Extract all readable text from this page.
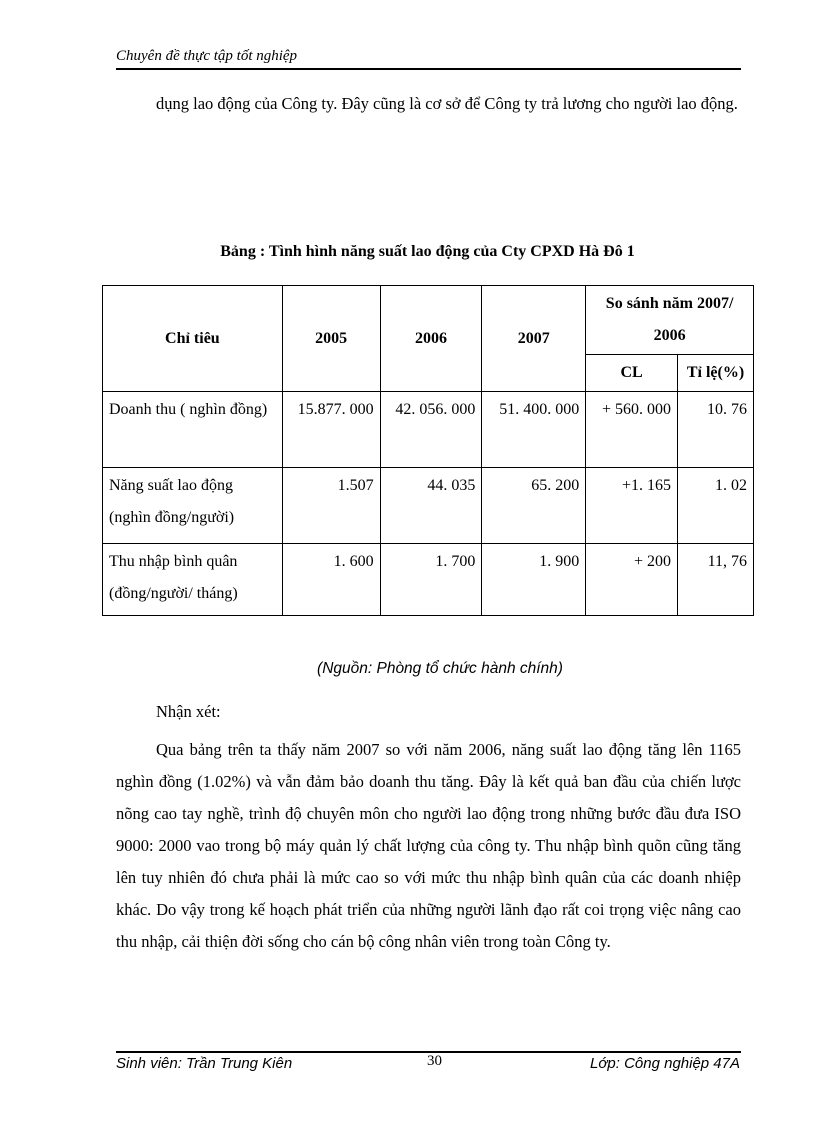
Chuyên đề thực tập tốt nghiệp

dụng lao động của Công ty. Đây cũng là cơ sở để Công ty trả lương cho người lao động.

Bảng : Tình hình năng suất lao động của Cty CPXD Hà Đô 1
Chỉ tiêu	2005	2006	2007	So sánh năm 2007/ 2006	
				CL	Tỉ lệ(%)
Doanh thu ( nghìn đồng)	15.877. 000	42. 056. 000	51. 400. 000	+ 560. 000	10. 76
Năng suất lao động (nghìn đồng/người)	1.507	44. 035	65. 200	+1. 165	1. 02
Thu nhập bình quân (đồng/người/ tháng)	1. 600	1. 700	1. 900	+ 200	11, 76
(Nguồn: Phòng tổ chức hành chính)
Nhận xét:

Qua bảng trên ta thấy năm 2007 so với năm 2006, năng suất lao động tăng lên 1165 nghìn đồng (1.02%) và vẫn đảm bảo doanh thu tăng. Đây là kết quả ban đầu của chiến lược nõng cao tay nghề, trình độ chuyên môn cho người lao động trong những bước đầu đưa ISO 9000: 2000 vao trong bộ máy quản lý chất lượng của công ty. Thu nhập bình quõn cũng tăng lên tuy nhiên đó chưa phải là mức cao so với mức thu nhập bình quân của các doanh nhiệp khác. Do vậy trong kế hoạch phát triển của những người lãnh đạo rất coi trọng việc nâng cao thu nhập, cải thiện đời sống cho cán bộ công nhân viên trong toàn Công ty.

Sinh viên: Trần Trung Kiên	30	Lớp: Công nghiệp 47A
